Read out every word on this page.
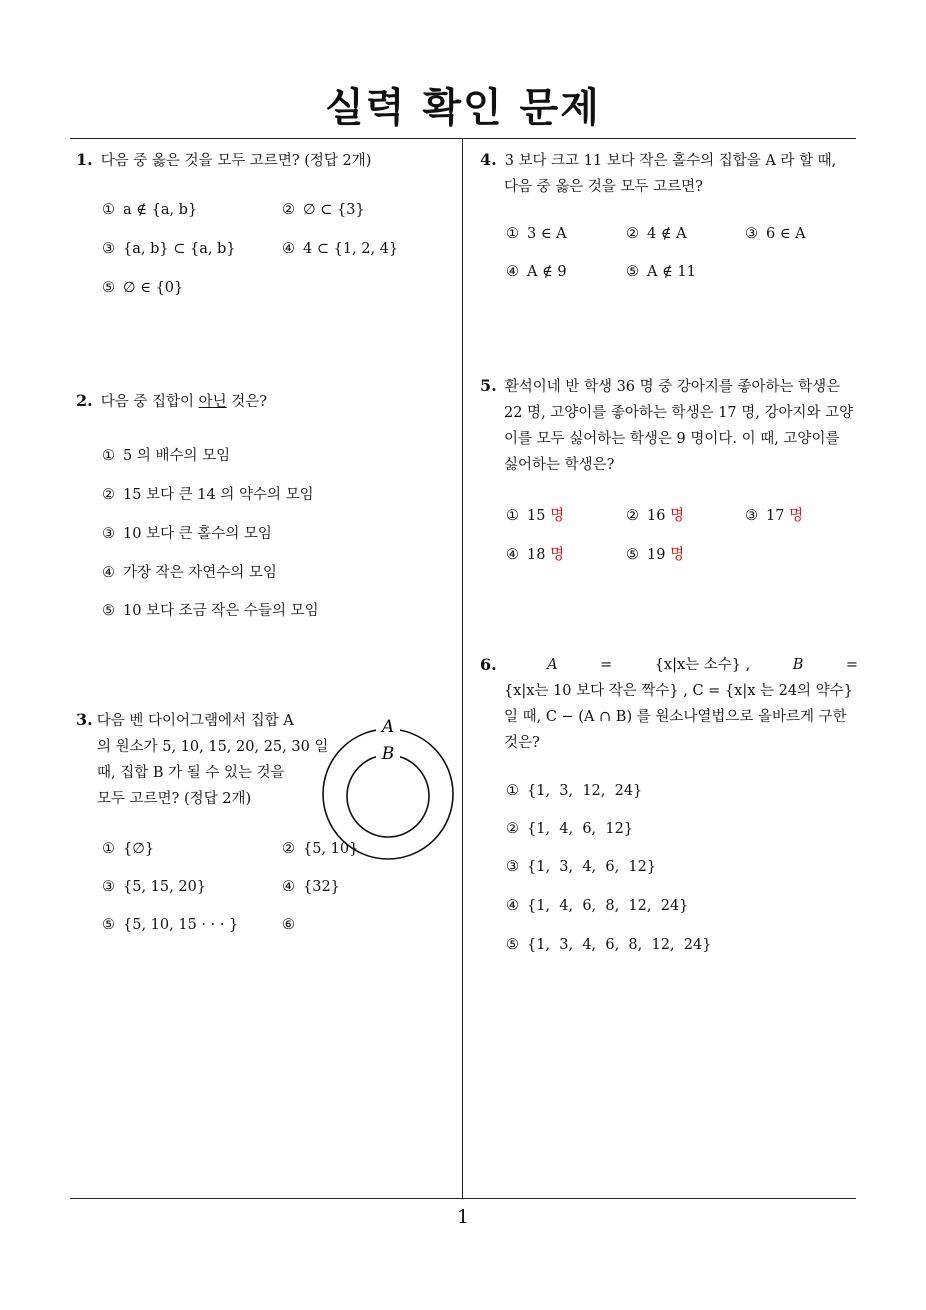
실력 확인 문제
1
1. 다음 중 옳은 것을 모두 고르면? (정답 2개)
① a ∉ {a, b}	② ∅ ⊂ {3}
③ {a, b} ⊂ {a, b}	④ 4 ⊂ {1, 2, 4}
⑤ ∅ ∈ {0}
2. 다음 중 집합이 아닌 것은?
① 5 의 배수의 모임
② 15 보다 큰 14 의 약수의 모임
③ 10 보다 큰 홀수의 모임
④ 가장 작은 자연수의 모임
⑤ 10 보다 조금 작은 수들의 모임
3. 다음 벤 다이어그램에서 집합 A
의 원소가 5, 10, 15, 20, 25, 30 일
때, 집합 B 가 될 수 있는 것을
모두 고르면? (정답 2개)
A
B
① {∅}	② {5, 10}
③ {5, 15, 20}	④ {32}
⑤ {5, 10, 15 · · · }	⑥
4. 3 보다 크고 11 보다 작은 홀수의 집합을 A 라 할 때,
다음 중 옳은 것을 모두 고르면?
① 3 ∈ A	② 4 ∉ A	③ 6 ∈ A
④ A ∉ 9	⑤ A ∉ 11
5. 환석이네 반 학생 36 명 중 강아지를 좋아하는 학생은
22 명, 고양이를 좋아하는 학생은 17 명, 강아지와 고양
이를 모두 싫어하는 학생은 9 명이다. 이 때, 고양이를
싫어하는 학생은?
① 15 명	② 16 명	③ 17 명
④ 18 명	⑤ 19 명
6.	A	=	{x|x는 소수} ,	B	=
{x|x는 10 보다 작은 짝수} , C = {x|x 는 24의 약수}
일 때, C − (A ∩ B) 를 원소나열법으로 올바르게 구한
것은?
① {1,  3,  12,  24}
② {1,  4,  6,  12}
③ {1,  3,  4,  6,  12}
④ {1,  4,  6,  8,  12,  24}
⑤ {1,  3,  4,  6,  8,  12,  24}
